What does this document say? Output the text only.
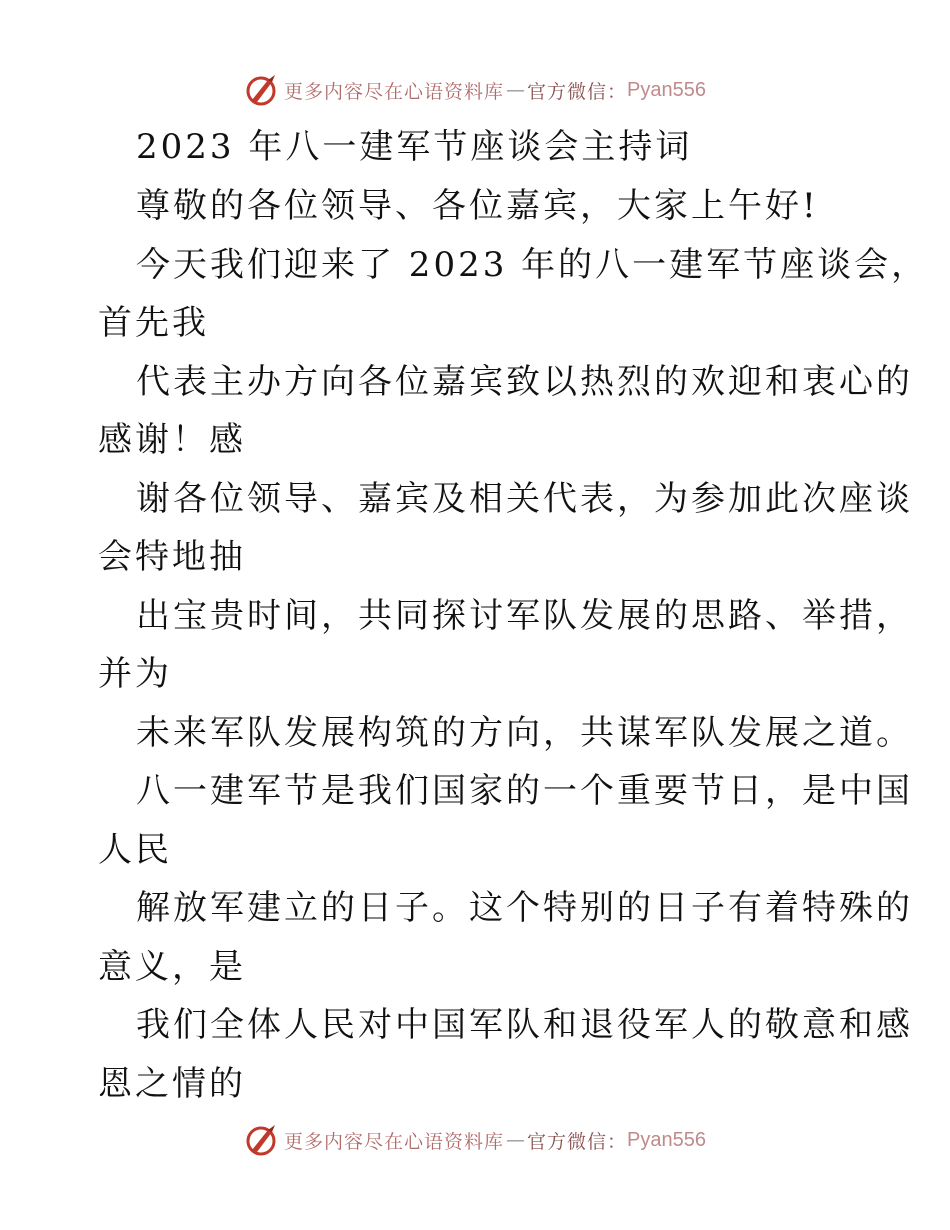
更多内容尽在心语资料库 — 官方微信： Pyan556
2023 年八一建军节座谈会主持词
尊敬的各位领导、各位嘉宾，大家上午好!
今天我们迎来了 2023 年的八一建军节座谈会，
首先我
代表主办方向各位嘉宾致以热烈的欢迎和衷心的
感谢！感
谢各位领导、嘉宾及相关代表，为参加此次座谈
会特地抽
出宝贵时间，共同探讨军队发展的思路、举措，
并为
未来军队发展构筑的方向，共谋军队发展之道。
八一建军节是我们国家的一个重要节日，是中国
人民
解放军建立的日子。这个特别的日子有着特殊的
意义，是
我们全体人民对中国军队和退役军人的敬意和感
恩之情的
更多内容尽在心语资料库 — 官方微信： Pyan556
